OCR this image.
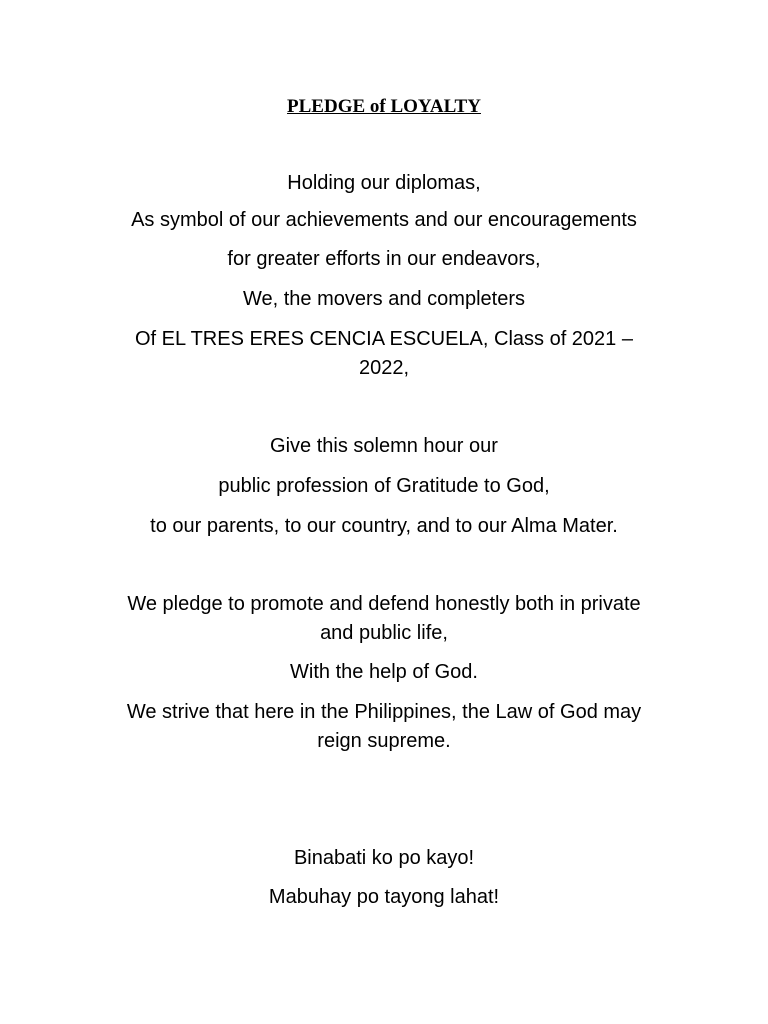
PLEDGE of LOYALTY
Holding our diplomas,
As symbol of our achievements and our encouragements
for greater efforts in our endeavors,
We, the movers and completers
Of EL TRES ERES CENCIA ESCUELA, Class of 2021 –
2022,
Give this solemn hour our
public profession of Gratitude to God,
to our parents, to our country, and to our Alma Mater.
We pledge to promote and defend honestly both in private
and public life,
With the help of God.
We strive that here in the Philippines, the Law of God may
reign supreme.
Binabati ko po kayo!
Mabuhay po tayong lahat!
